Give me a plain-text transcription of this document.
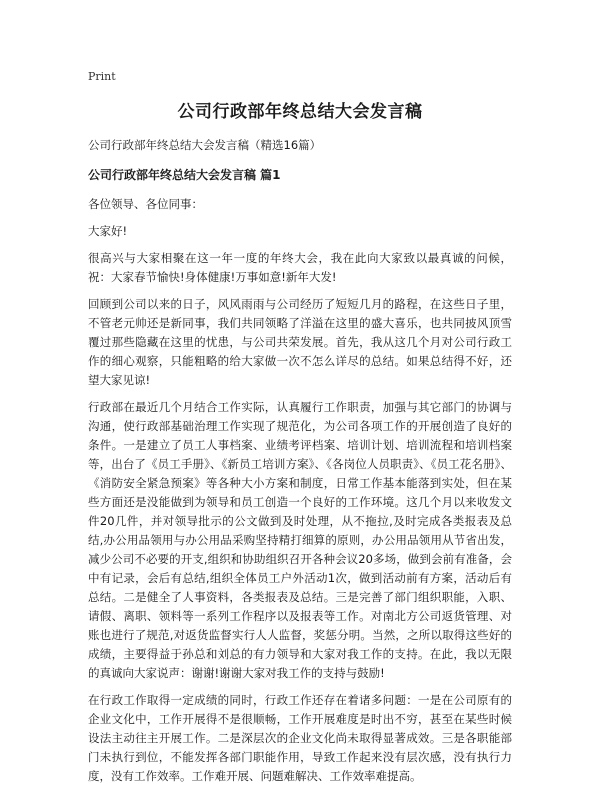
Print
公司行政部年终总结大会发言稿
公司行政部年终总结大会发言稿（精选16篇）
公司行政部年终总结大会发言稿 篇1
各位领导、各位同事：
大家好!
很高兴与大家相聚在这一年一度的年终大会，我在此向大家致以最真诚的问候，祝：大家春节愉快!身体健康!万事如意!新年大发!
回顾到公司以来的日子，风风雨雨与公司经历了短短几月的路程，在这些日子里，不管老元帅还是新同事，我们共同领略了洋溢在这里的盛大喜乐，也共同披风顶雪覆过那些隐藏在这里的忧患，与公司共荣发展。首先，我从这几个月对公司行政工作的细心观察，只能粗略的给大家做一次不怎么详尽的总结。如果总结得不好，还望大家见谅!
行政部在最近几个月结合工作实际，认真履行工作职责，加强与其它部门的协调与沟通，使行政部基础治理工作实现了规范化，为公司各项工作的开展创造了良好的条件。一是建立了员工人事档案、业绩考评档案、培训计划、培训流程和培训档案等，出台了《员工手册》、《新员工培训方案》、《各岗位人员职责》、《员工花名册》、《消防安全紧急预案》等各种大小方案和制度，日常工作基本能落到实处，但在某些方面还是没能做到为领导和员工创造一个良好的工作环境。这几个月以来收发文件20几件，并对领导批示的公文做到及时处理，从不拖拉,及时完成各类报表及总结,办公用品领用与办公用品采购坚持精打细算的原则，办公用品领用从节省出发，减少公司不必要的开支,组织和协助组织召开各种会议20多场，做到会前有准备，会中有记录，会后有总结,组织全体员工户外活动1次，做到活动前有方案，活动后有总结。二是健全了人事资料，各类报表及总结。三是完善了部门组织职能，入职、请假、离职、领料等一系列工作程序以及报表等工作。对南北方公司返货管理、对账也进行了规范,对返货监督实行人人监督，奖惩分明。当然，之所以取得这些好的成绩，主要得益于孙总和刘总的有力领导和大家对我工作的支持。在此，我以无限的真诚向大家说声：谢谢!谢谢大家对我工作的支持与鼓励!
在行政工作取得一定成绩的同时，行政工作还存在着诸多问题：一是在公司原有的企业文化中，工作开展得不是很顺畅，工作开展难度是时出不穷，甚至在某些时候设法主动往主开展工作。二是深层次的企业文化尚未取得显著成效。三是各职能部门未执行到位，不能发挥各部门职能作用，导致工作起来没有层次感，没有执行力度，没有工作效率。工作难开展、问题难解决、工作效率难提高。
